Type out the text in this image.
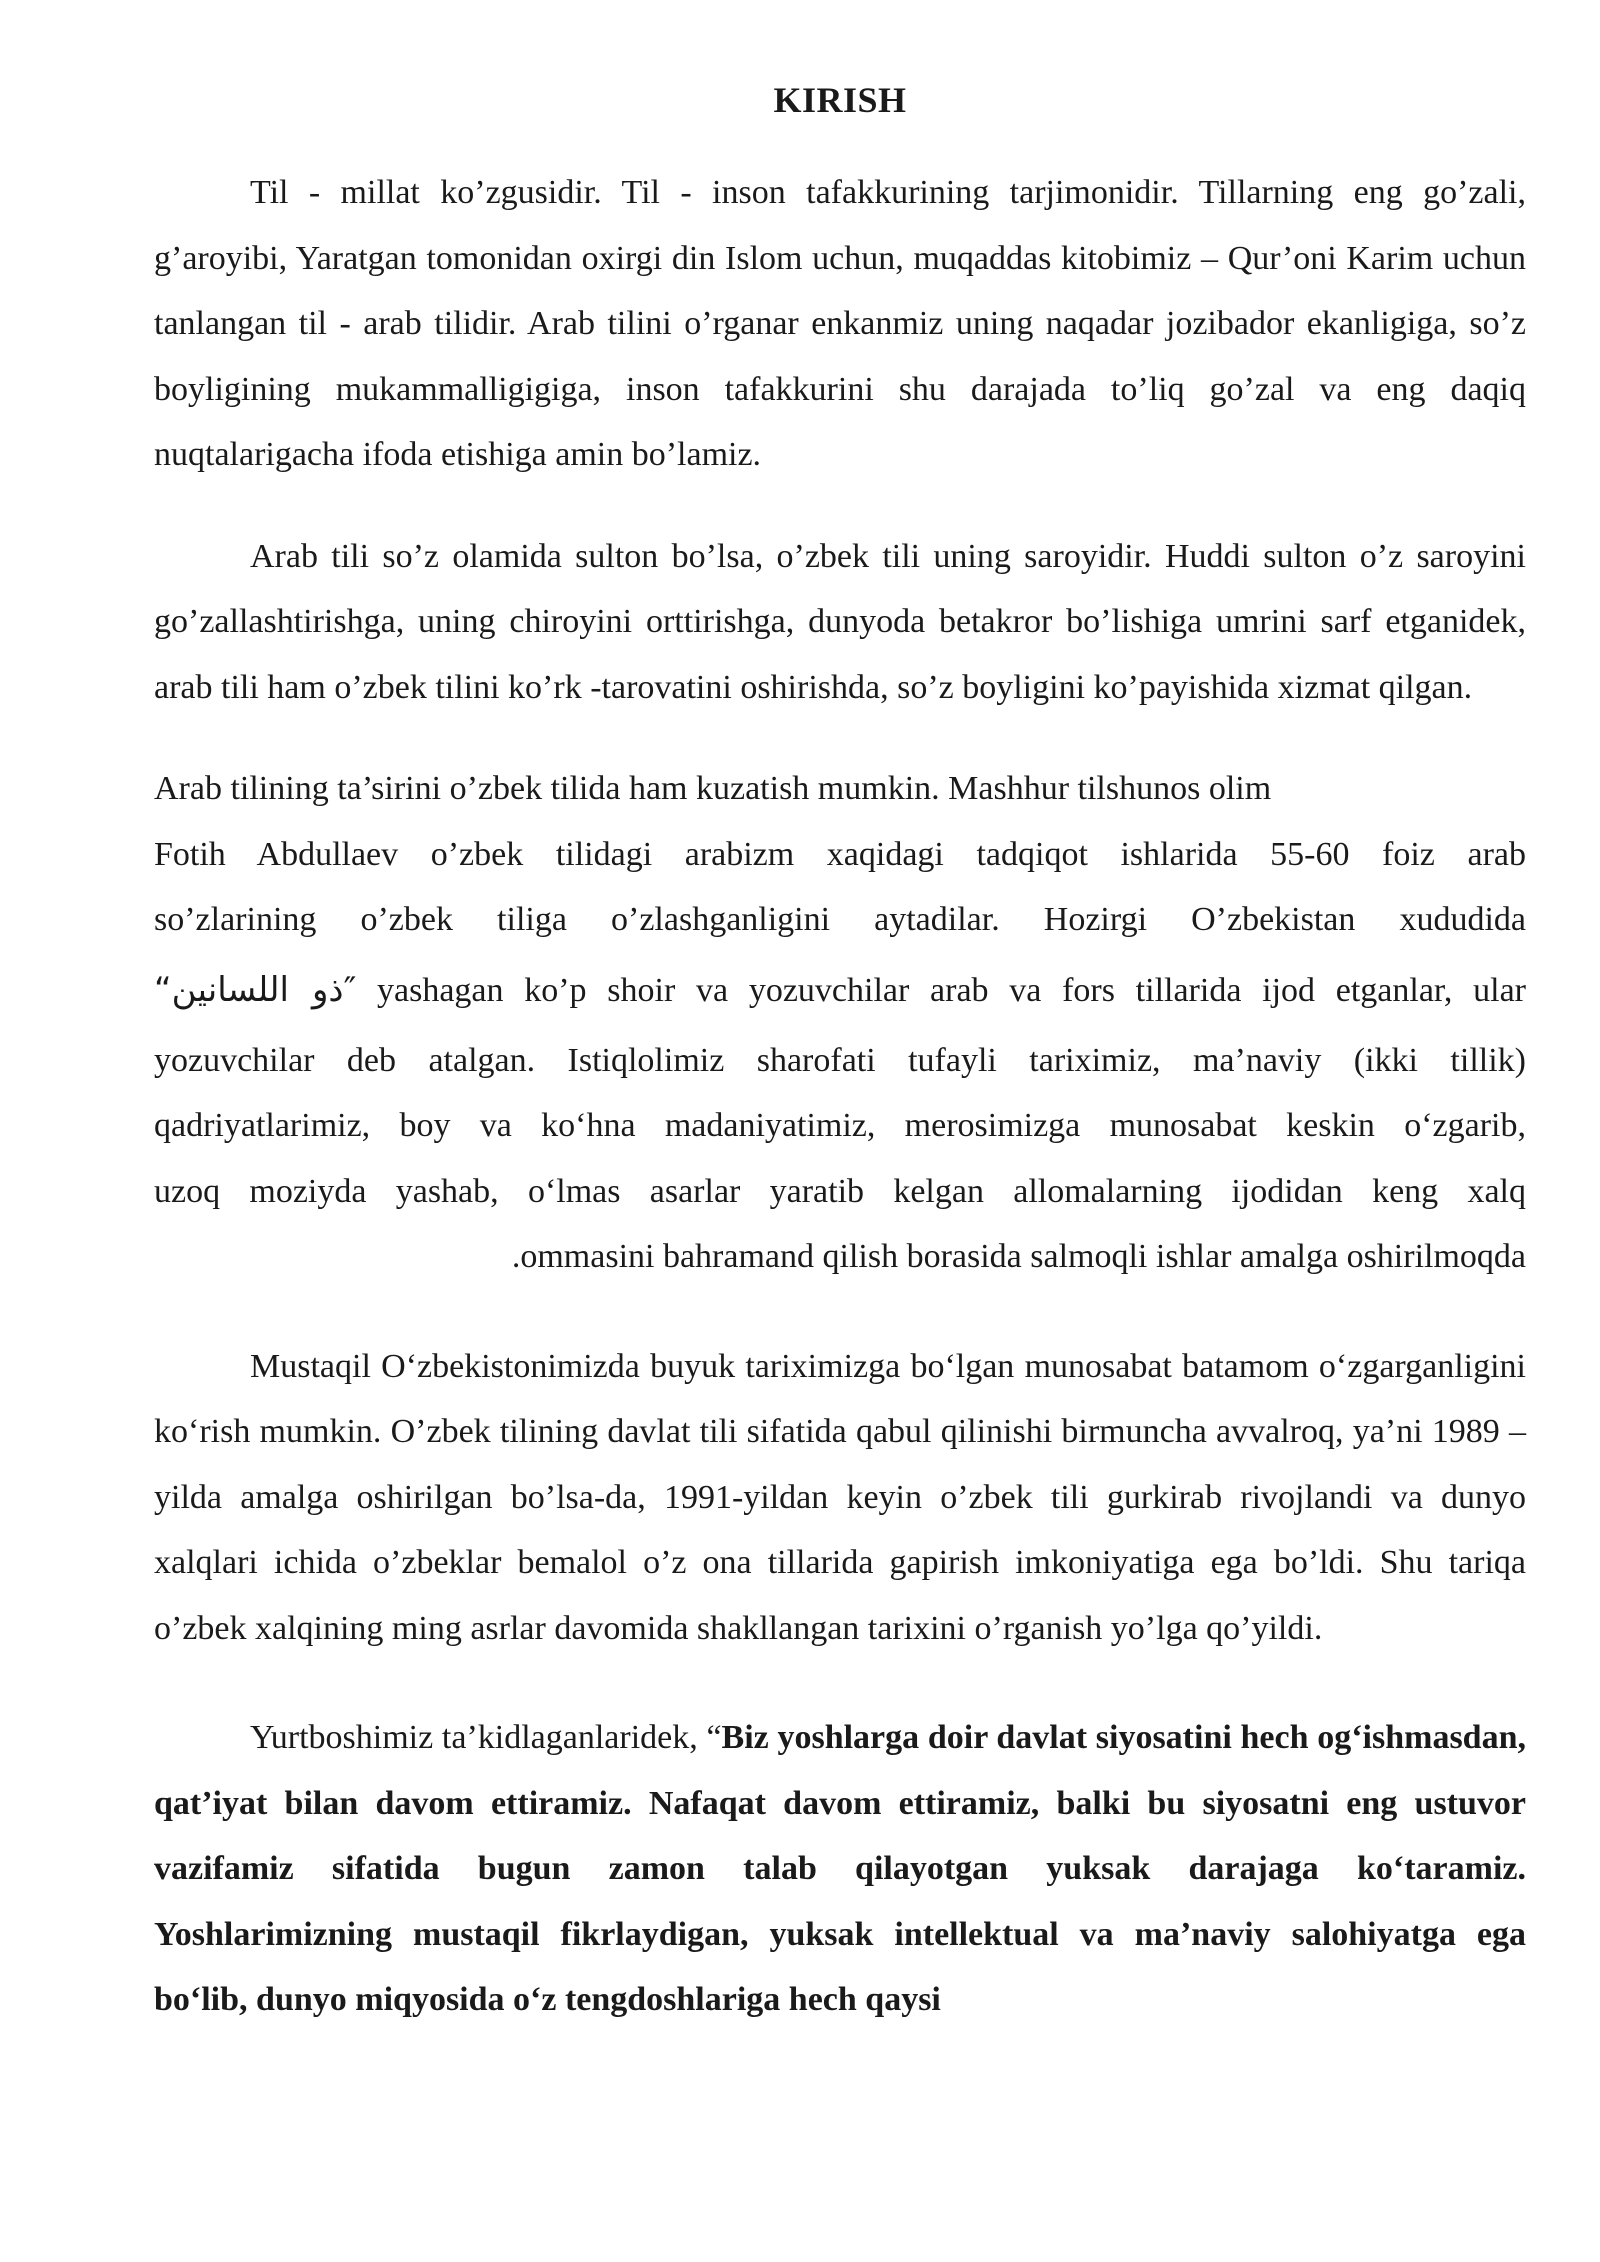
KIRISH

Til - millat ko’zgusidir. Til - inson tafakkurining tarjimonidir. Tillarning eng go’zali, g’aroyibi, Yaratgan tomonidan oxirgi din Islom uchun, muqaddas kitobimiz – Qur’oni Karim uchun tanlangan til - arab tilidir. Arab tilini o’rganar enkanmiz uning naqadar jozibador ekanligiga, so’z boyligining mukammalligigiga, inson tafakkurini shu darajada to’liq go’zal va eng daqiq nuqtalarigacha ifoda etishiga amin bo’lamiz.

Arab tili so’z olamida sulton bo’lsa, o’zbek tili uning saroyidir. Huddi sulton o’z saroyini go’zallashtirishga, uning chiroyini orttirishga, dunyoda betakror bo’lishiga umrini sarf etganidek, arab tili ham o’zbek tilini ko’rk -tarovatini oshirishda, so’z boyligini ko’payishida xizmat qilgan.

Arab tilining ta’sirini o’zbek tilida ham kuzatish mumkin. Mashhur tilshunos olim
Fotih Abdullaev o’zbek tilidagi arabizm xaqidagi tadqiqot ishlarida 55-60 foiz arab
so’zlarining o’zbek tiliga o’zlashganligini aytadilar. Hozirgi O’zbekistan xududida
″ذو اللسانين“ yashagan ko’p shoir va yozuvchilar arab va fors tillarida ijod etganlar, ular
yozuvchilar deb atalgan. Istiqlolimiz sharofati tufayli tariximiz, ma’naviy (ikki tillik)
qadriyatlarimiz, boy va ko‘hna madaniyatimiz, merosimizga munosabat keskin o‘zgarib,
uzoq moziyda yashab, o‘lmas asarlar yaratib kelgan allomalarning ijodidan keng xalq
.ommasini bahramand qilish borasida salmoqli ishlar amalga oshirilmoqda

Mustaqil O‘zbekistonimizda buyuk tariximizga bo‘lgan munosabat batamom o‘zgarganligini ko‘rish mumkin. O’zbek tilining davlat tili sifatida qabul qilinishi birmuncha avvalroq, ya’ni 1989 – yilda amalga oshirilgan bo’lsa-da, 1991-yildan keyin o’zbek tili gurkirab rivojlandi va dunyo xalqlari ichida o’zbeklar bemalol o’z ona tillarida gapirish imkoniyatiga ega bo’ldi. Shu tariqa o’zbek xalqining ming asrlar davomida shakllangan tarixini o’rganish yo’lga qo’yildi.

Yurtboshimiz ta’kidlaganlaridek, “Biz yoshlarga doir davlat siyosatini hech og‘ishmasdan, qat’iyat bilan davom ettiramiz. Nafaqat davom ettiramiz, balki bu siyosatni eng ustuvor vazifamiz sifatida bugun zamon talab qilayotgan yuksak darajaga ko‘taramiz. Yoshlarimizning mustaqil fikrlaydigan, yuksak intellektual va ma’naviy salohiyatga ega bo‘lib, dunyo miqyosida o‘z tengdoshlariga hech qaysi
